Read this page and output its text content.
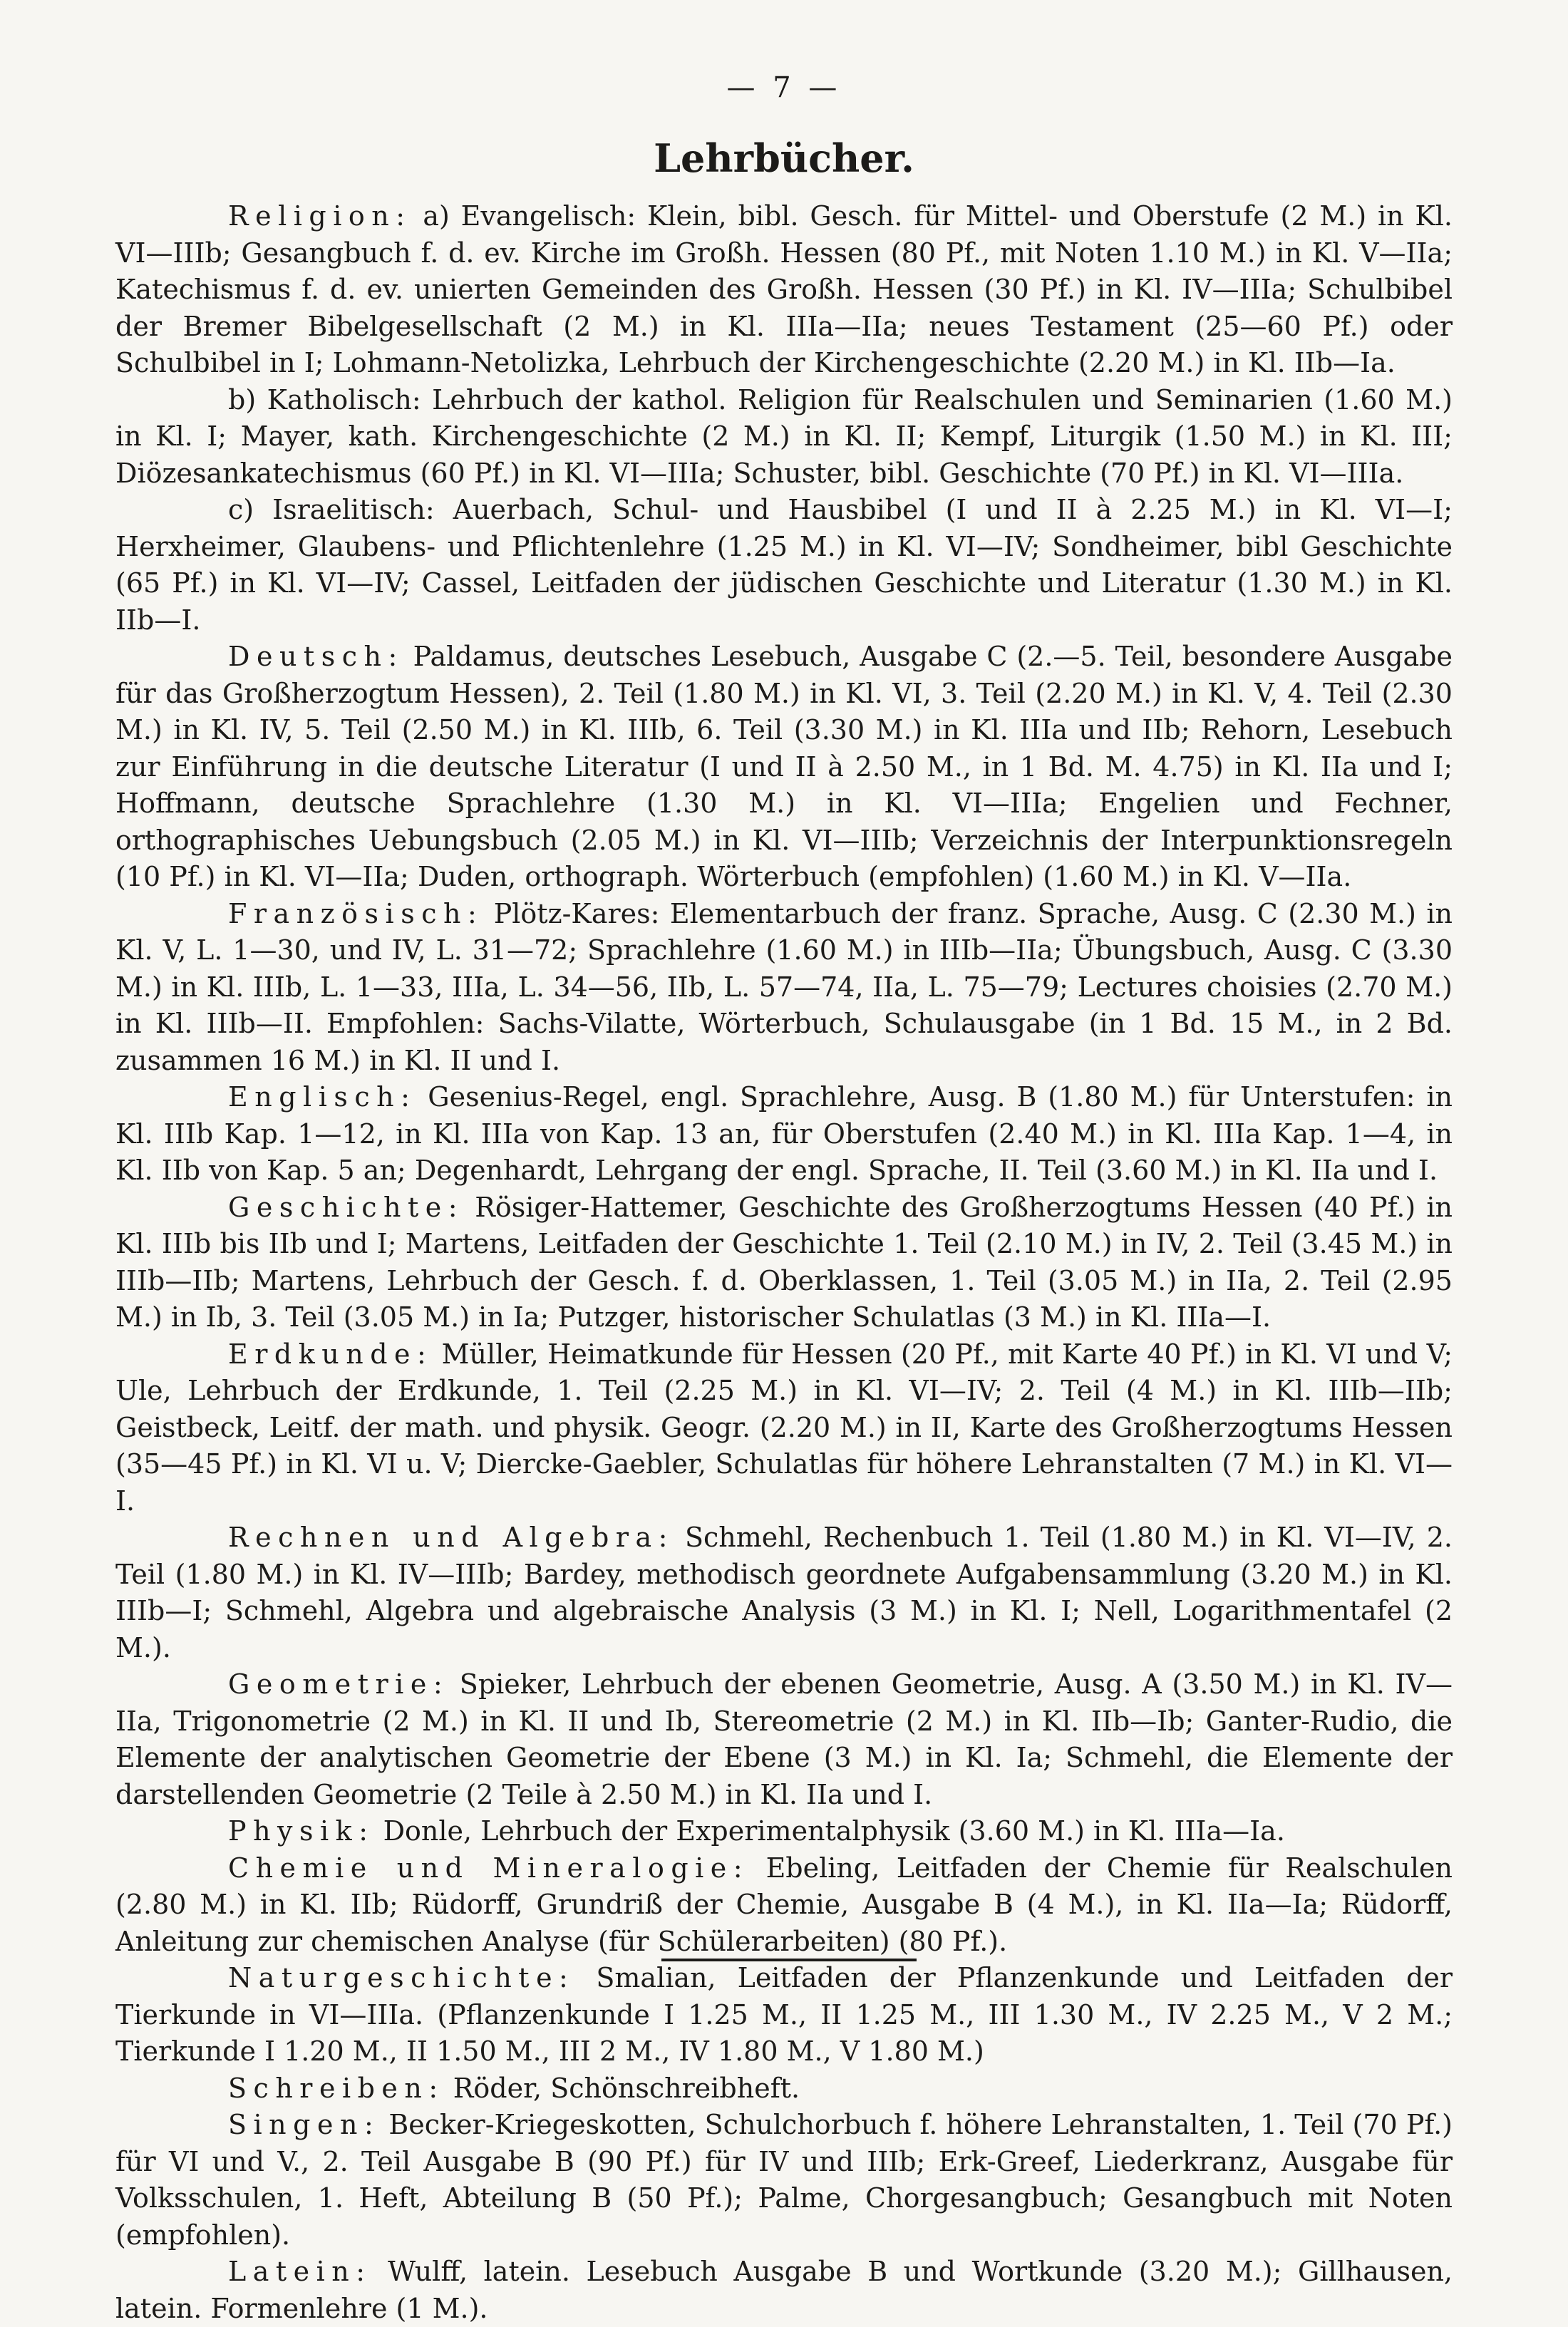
— 7 —
Lehrbücher.

Religion: a) Evangelisch: Klein, bibl. Gesch. für Mittel- und Oberstufe (2 M.) in Kl. VI—IIIb; Gesangbuch f. d. ev. Kirche im Großh. Hessen (80 Pf., mit Noten 1.10 M.) in Kl. V—IIa; Katechismus f. d. ev. unierten Gemeinden des Großh. Hessen (30 Pf.) in Kl. IV—IIIa; Schulbibel der Bremer Bibelgesellschaft (2 M.) in Kl. IIIa—IIa; neues Testament (25—60 Pf.) oder Schulbibel in I; Lohmann-Netolizka, Lehrbuch der Kirchengeschichte (2.20 M.) in Kl. IIb—Ia.

b) Katholisch: Lehrbuch der kathol. Religion für Realschulen und Seminarien (1.60 M.) in Kl. I; Mayer, kath. Kirchengeschichte (2 M.) in Kl. II; Kempf, Liturgik (1.50 M.) in Kl. III; Diözesankatechismus (60 Pf.) in Kl. VI—IIIa; Schuster, bibl. Geschichte (70 Pf.) in Kl. VI—IIIa.

c) Israelitisch: Auerbach, Schul- und Hausbibel (I und II à 2.25 M.) in Kl. VI—I; Herxheimer, Glaubens- und Pflichtenlehre (1.25 M.) in Kl. VI—IV; Sondheimer, bibl Geschichte (65 Pf.) in Kl. VI—IV; Cassel, Leitfaden der jüdischen Geschichte und Literatur (1.30 M.) in Kl. IIb—I.

Deutsch: Paldamus, deutsches Lesebuch, Ausgabe C (2.—5. Teil, besondere Ausgabe für das Großherzogtum Hessen), 2. Teil (1.80 M.) in Kl. VI, 3. Teil (2.20 M.) in Kl. V, 4. Teil (2.30 M.) in Kl. IV, 5. Teil (2.50 M.) in Kl. IIIb, 6. Teil (3.30 M.) in Kl. IIIa und IIb; Rehorn, Lesebuch zur Einführung in die deutsche Literatur (I und II à 2.50 M., in 1 Bd. M. 4.75) in Kl. IIa und I; Hoffmann, deutsche Sprachlehre (1.30 M.) in Kl. VI—IIIa; Engelien und Fechner, orthographisches Uebungsbuch (2.05 M.) in Kl. VI—IIIb; Verzeichnis der Interpunktionsregeln (10 Pf.) in Kl. VI—IIa; Duden, orthograph. Wörterbuch (empfohlen) (1.60 M.) in Kl. V—IIa.

Französisch: Plötz-Kares: Elementarbuch der franz. Sprache, Ausg. C (2.30 M.) in Kl. V, L. 1—30, und IV, L. 31—72; Sprachlehre (1.60 M.) in IIIb—IIa; Übungsbuch, Ausg. C (3.30 M.) in Kl. IIIb, L. 1—33, IIIa, L. 34—56, IIb, L. 57—74, IIa, L. 75—79; Lectures choisies (2.70 M.) in Kl. IIIb—II. Empfohlen: Sachs-Vilatte, Wörterbuch, Schulausgabe (in 1 Bd. 15 M., in 2 Bd. zusammen 16 M.) in Kl. II und I.

Englisch: Gesenius-Regel, engl. Sprachlehre, Ausg. B (1.80 M.) für Unterstufen: in Kl. IIIb Kap. 1—12, in Kl. IIIa von Kap. 13 an, für Oberstufen (2.40 M.) in Kl. IIIa Kap. 1—4, in Kl. IIb von Kap. 5 an; Degenhardt, Lehrgang der engl. Sprache, II. Teil (3.60 M.) in Kl. IIa und I.

Geschichte: Rösiger-Hattemer, Geschichte des Großherzogtums Hessen (40 Pf.) in Kl. IIIb bis IIb und I; Martens, Leitfaden der Geschichte 1. Teil (2.10 M.) in IV, 2. Teil (3.45 M.) in IIIb—IIb; Martens, Lehrbuch der Gesch. f. d. Oberklassen, 1. Teil (3.05 M.) in IIa, 2. Teil (2.95 M.) in Ib, 3. Teil (3.05 M.) in Ia; Putzger, historischer Schulatlas (3 M.) in Kl. IIIa—I.

Erdkunde: Müller, Heimatkunde für Hessen (20 Pf., mit Karte 40 Pf.) in Kl. VI und V; Ule, Lehrbuch der Erdkunde, 1. Teil (2.25 M.) in Kl. VI—IV; 2. Teil (4 M.) in Kl. IIIb—IIb; Geistbeck, Leitf. der math. und physik. Geogr. (2.20 M.) in II, Karte des Großherzogtums Hessen (35—45 Pf.) in Kl. VI u. V; Diercke-Gaebler, Schulatlas für höhere Lehranstalten (7 M.) in Kl. VI—I.

Rechnen und Algebra: Schmehl, Rechenbuch 1. Teil (1.80 M.) in Kl. VI—IV, 2. Teil (1.80 M.) in Kl. IV—IIIb; Bardey, methodisch geordnete Aufgabensammlung (3.20 M.) in Kl. IIIb—I; Schmehl, Algebra und algebraische Analysis (3 M.) in Kl. I; Nell, Logarithmentafel (2 M.).

Geometrie: Spieker, Lehrbuch der ebenen Geometrie, Ausg. A (3.50 M.) in Kl. IV—IIa, Trigonometrie (2 M.) in Kl. II und Ib, Stereometrie (2 M.) in Kl. IIb—Ib; Ganter-Rudio, die Elemente der analytischen Geometrie der Ebene (3 M.) in Kl. Ia; Schmehl, die Elemente der darstellenden Geometrie (2 Teile à 2.50 M.) in Kl. IIa und I.

Physik: Donle, Lehrbuch der Experimentalphysik (3.60 M.) in Kl. IIIa—Ia.

Chemie und Mineralogie: Ebeling, Leitfaden der Chemie für Realschulen (2.80 M.) in Kl. IIb; Rüdorff, Grundriß der Chemie, Ausgabe B (4 M.), in Kl. IIa—Ia; Rüdorff, Anleitung zur chemischen Analyse (für Schülerarbeiten) (80 Pf.).

Naturgeschichte: Smalian, Leitfaden der Pflanzenkunde und Leitfaden der Tierkunde in VI—IIIa. (Pflanzenkunde I 1.25 M., II 1.25 M., III 1.30 M., IV 2.25 M., V 2 M.; Tierkunde I 1.20 M., II 1.50 M., III 2 M., IV 1.80 M., V 1.80 M.)

Schreiben: Röder, Schönschreibheft.

Singen: Becker-Kriegeskotten, Schulchorbuch f. höhere Lehranstalten, 1. Teil (70 Pf.) für VI und V., 2. Teil Ausgabe B (90 Pf.) für IV und IIIb; Erk-Greef, Liederkranz, Ausgabe für Volksschulen, 1. Heft, Abteilung B (50 Pf.); Palme, Chorgesangbuch; Gesangbuch mit Noten (empfohlen).

Latein: Wulff, latein. Lesebuch Ausgabe B und Wortkunde (3.20 M.); Gillhausen, latein. Formenlehre (1 M.).
